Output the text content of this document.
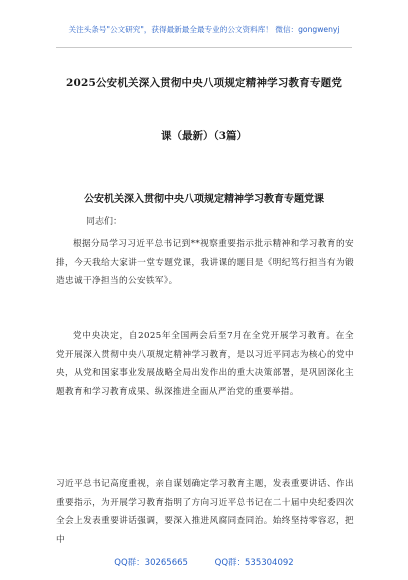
关注头条号"公文研究"，获得最新最全最专业的公文资料库！ 微信：gongwenyj
2025公安机关深入贯彻中央八项规定精神学习教育专题党
课（最新）（3篇）
公安机关深入贯彻中央八项规定精神学习教育专题党课
同志们：

根据分局学习习近平总书记到**视察重要指示批示精神和学习教育的安排，今天我给大家讲一堂专题党课，我讲课的题目是《明纪笃行担当有为锻造忠诚干净担当的公安铁军》。

党中央决定，自2025年全国两会后至7月在全党开展学习教育。在全党开展深入贯彻中央八项规定精神学习教育，是以习近平同志为核心的党中央，从党和国家事业发展战略全局出发作出的重大决策部署，是巩固深化主题教育和学习教育成果、纵深推进全面从严治党的重要举措。

习近平总书记高度重视，亲自谋划确定学习教育主题，发表重要讲话、作出重要指示，为开展学习教育指明了方向习近平总书记在二十届中央纪委四次全会上发表重要讲话强调，要深入推进风腐同查同治。始终坚持零容忍，把中

QQ群：30265665	QQ群：535304092
